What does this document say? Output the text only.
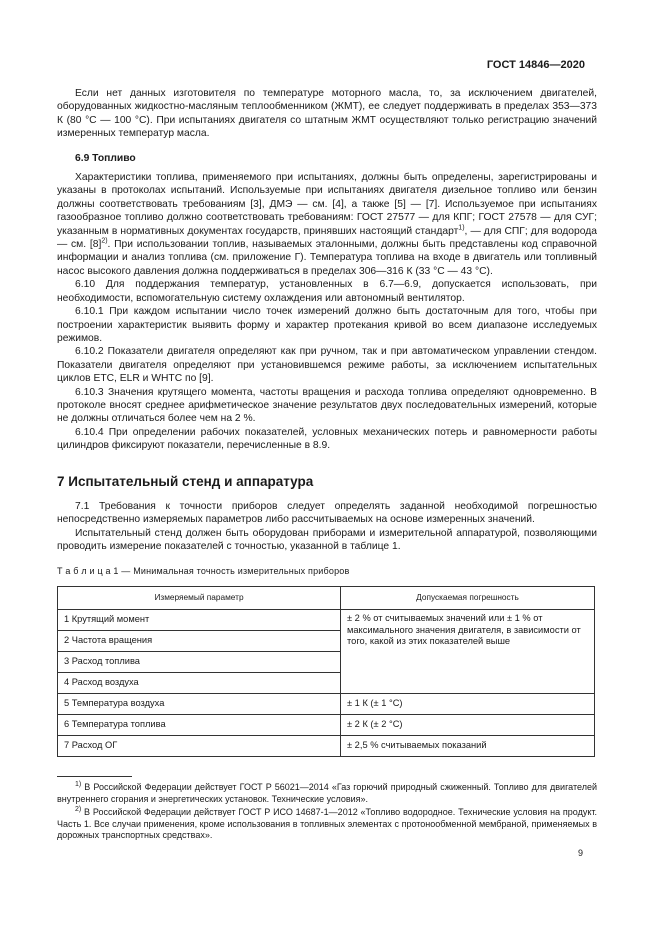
ГОСТ 14846—2020

Если нет данных изготовителя по температуре моторного масла, то, за исключением двигателей, оборудованных жидкостно-масляным теплообменником (ЖМТ), ее следует поддерживать в пределах 353—373 К (80 °С — 100 °С). При испытаниях двигателя со штатным ЖМТ осуществляют только регистрацию значений измеренных температур масла.

6.9 Топливо

Характеристики топлива, применяемого при испытаниях, должны быть определены, зарегистрированы и указаны в протоколах испытаний. Используемые при испытаниях двигателя дизельное топливо или бензин должны соответствовать требованиям [3], ДМЭ — см. [4], а также [5] — [7]. Используемое при испытаниях газообразное топливо должно соответствовать требованиям: ГОСТ 27577 — для КПГ; ГОСТ 27578 — для СУГ; указанным в нормативных документах государств, принявших настоящий стандарт$^{1)}$, — для СПГ; для водорода — см. $[8]^{2)}$. При использовании топлив, называемых эталонными, должны быть представлены код справочной информации и анализ топлива (см. приложение Г). Температура топлива на входе в двигатель или топливный насос высокого давления должна поддерживаться в пределах 306—316 К (33 °С — 43 °С).

6.10 Для поддержания температур, установленных в 6.7—6.9, допускается использовать, при необходимости, вспомогательную систему охлаждения или автономный вентилятор.

6.10.1 При каждом испытании число точек измерений должно быть достаточным для того, чтобы при построении характеристик выявить форму и характер протекания кривой во всем диапазоне исследуемых режимов.

6.10.2 Показатели двигателя определяют как при ручном, так и при автоматическом управлении стендом. Показатели двигателя определяют при установившемся режиме работы, за исключением испытательных циклов ETC, ELR и WHTC по [9].

6.10.3 Значения крутящего момента, частоты вращения и расхода топлива определяют одновременно. В протоколе вносят среднее арифметическое значение результатов двух последовательных измерений, которые не должны отличаться более чем на 2 %.

6.10.4 При определении рабочих показателей, условных механических потерь и равномерности работы цилиндров фиксируют показатели, перечисленные в 8.9.

7 Испытательный стенд и аппаратура

7.1 Требования к точности приборов следует определять заданной необходимой погрешностью непосредственно измеряемых параметров либо рассчитываемых на основе измеренных значений.

Испытательный стенд должен быть оборудован приборами и измерительной аппаратурой, позволяющими проводить измерение показателей с точностью, указанной в таблице 1.

Т а б л и ц а 1 — Минимальная точность измерительных приборов
Измеряемый параметр	Допускаемая погрешность
1 Крутящий момент	± 2 % от считываемых значений или ± 1 % от максимального значения двигателя, в зависимости от того, какой из этих показателей выше
2 Частота вращения	
3 Расход топлива	
4 Расход воздуха	
5 Температура воздуха	± 1 К (± 1 °С)
6 Температура топлива	± 2 К (± 2 °С)
7 Расход ОГ	± 2,5 % считываемых показаний

$^{1)}$ В Российской Федерации действует ГОСТ Р 56021—2014 «Газ горючий природный сжиженный. Топливо для двигателей внутреннего сгорания и энергетических установок. Технические условия».

$^{2)}$ В Российской Федерации действует ГОСТ Р ИСО 14687-1—2012 «Топливо водородное. Технические условия на продукт. Часть 1. Все случаи применения, кроме использования в топливных элементах с протонообменной мембраной, применяемых в дорожных транспортных средствах».

9
